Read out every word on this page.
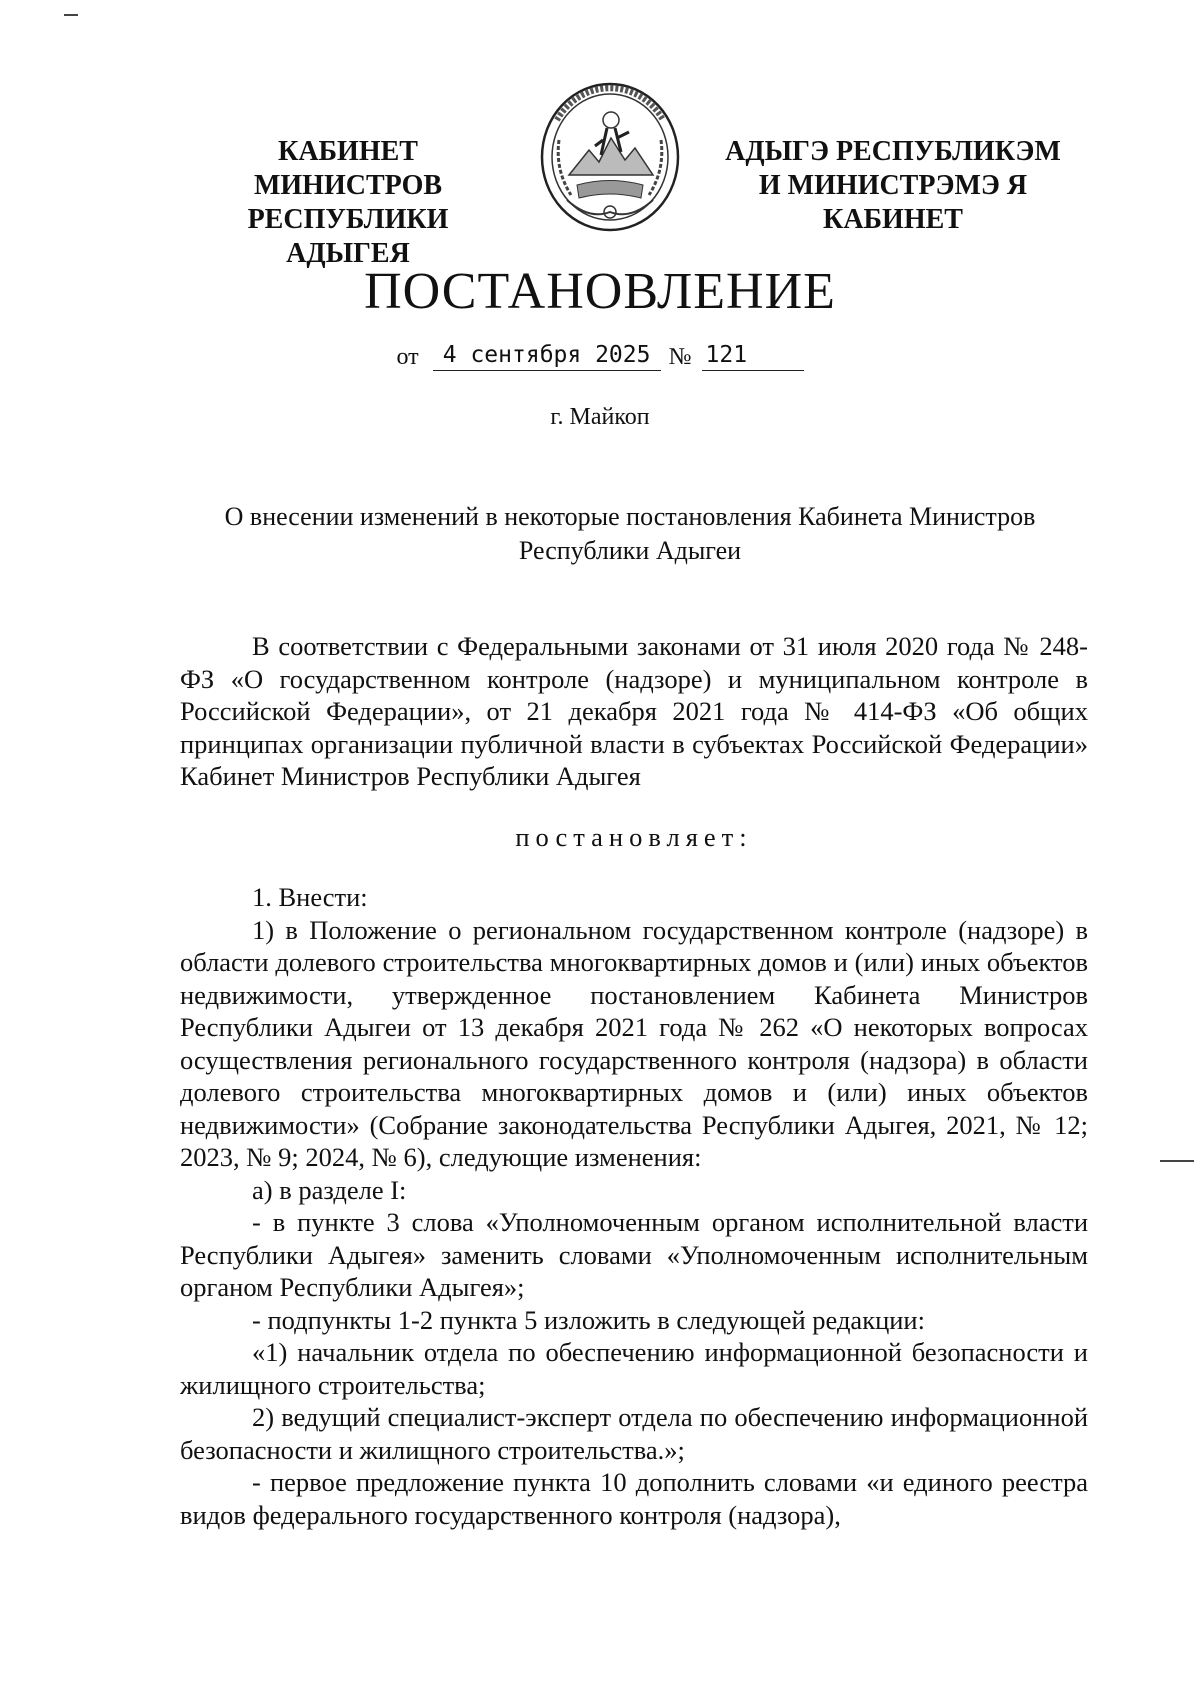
КАБИНЕТ МИНИСТРОВ
РЕСПУБЛИКИ АДЫГЕЯ
АДЫГЭ РЕСПУБЛИКЭМ
И МИНИСТРЭМЭ Я КАБИНЕТ
ПОСТАНОВЛЕНИЕ
от 4 сентября 2025 № 121
г. Майкоп
О внесении изменений в некоторые постановления Кабинета Министров
Республики Адыгеи

В соответствии с Федеральными законами от 31 июля 2020 года № 248-ФЗ «О государственном контроле (надзоре) и муниципальном контроле в Российской Федерации», от 21 декабря 2021 года № 414-ФЗ «Об общих принципах организации публичной власти в субъектах Российской Федерации» Кабинет Министров Республики Адыгея

постановляет:

1. Внести:

1) в Положение о региональном государственном контроле (надзоре) в области долевого строительства многоквартирных домов и (или) иных объектов недвижимости, утвержденное постановлением Кабинета Министров Республики Адыгеи от 13 декабря 2021 года № 262 «О некоторых вопросах осуществления регионального государственного контроля (надзора) в области долевого строительства многоквартирных домов и (или) иных объектов недвижимости» (Собрание законодательства Республики Адыгея, 2021, № 12; 2023, № 9; 2024, № 6), следующие изменения:

а) в разделе I:

- в пункте 3 слова «Уполномоченным органом исполнительной власти Республики Адыгея» заменить словами «Уполномоченным исполнительным органом Республики Адыгея»;

- подпункты 1-2 пункта 5 изложить в следующей редакции:

«1) начальник отдела по обеспечению информационной безопасности и жилищного строительства;

2) ведущий специалист-эксперт отдела по обеспечению информационной безопасности и жилищного строительства.»;

- первое предложение пункта 10 дополнить словами «и единого реестра видов федерального государственного контроля (надзора),
